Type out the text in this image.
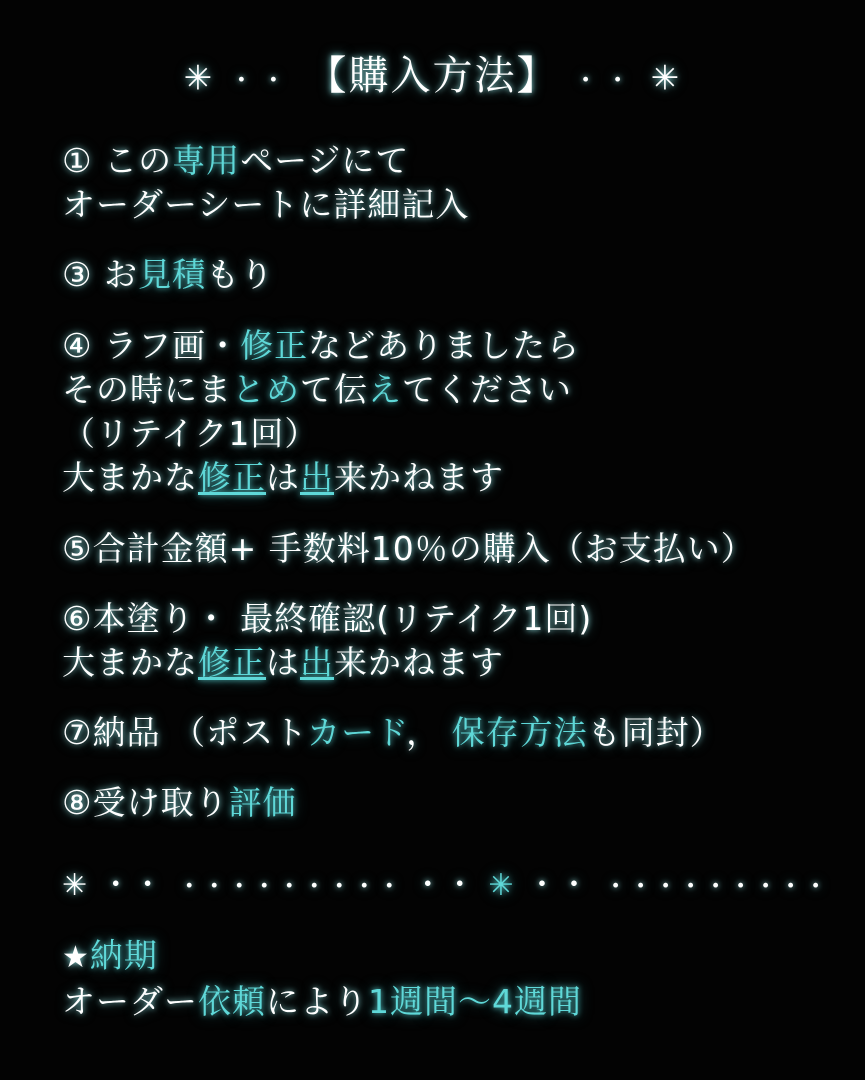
✳ ・・ 【購入方法】 ・・ ✳
① この専用ページにて
オーダーシートに詳細記入
③ お見積もり
④ ラフ画・修正などありましたら
その時にまとめて伝えてください
（リテイク1回）
大まかな修正は出来かねます
⑤合計金額+ 手数料10％の購入（お支払い）
⑥本塗り・ 最終確認(リテイク1回)
大まかな修正は出来かねます
⑦納品 （ポストカード， 保存方法も同封）
⑧受け取り評価
✳ ・・ ・・・・・・・・・ ・・ ✳ ・・ ・・・・・・・・・
★納期
オーダー依頼により1週間〜4週間
